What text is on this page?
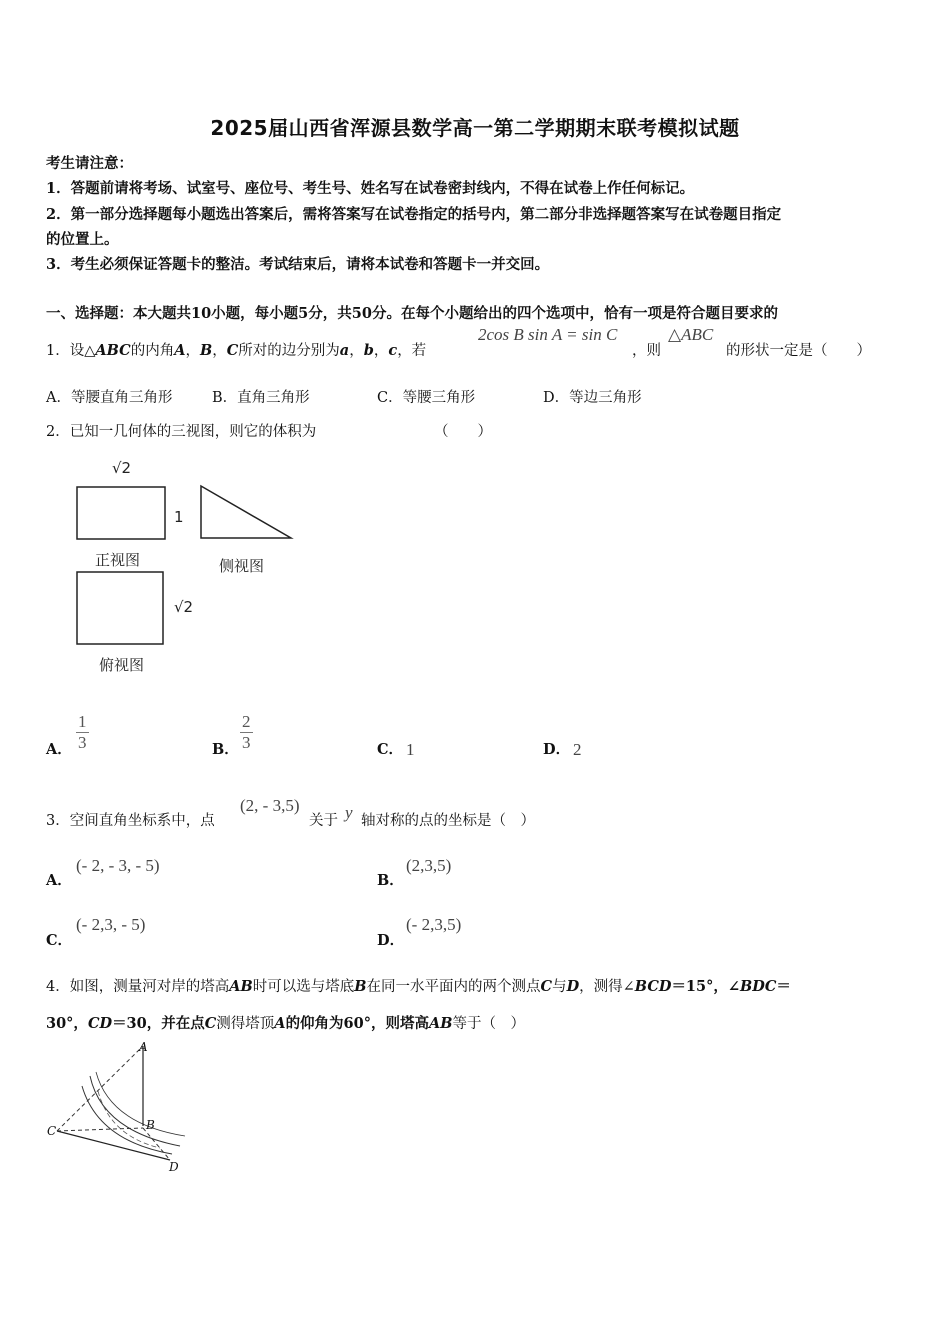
2025届山西省浑源县数学高一第二学期期末联考模拟试题
考生请注意：
1．答题前请将考场、试室号、座位号、考生号、姓名写在试卷密封线内，不得在试卷上作任何标记。
2．第一部分选择题每小题选出答案后，需将答案写在试卷指定的括号内，第二部分非选择题答案写在试卷题目指定
的位置上。
3．考生必须保证答题卡的整洁。考试结束后，请将本试卷和答题卡一并交回。
一、选择题：本大题共10小题，每小题5分，共50分。在每个小题给出的四个选项中，恰有一项是符合题目要求的
1．设△ABC的内角A，B，C所对的边分别为a，b，c，若
2cos B sin A = sin C
，则
△ABC
的形状一定是（　　）
A．等腰直角三角形	B．直角三角形	C．等腰三角形	D．等边三角形
2．已知一几何体的三视图，则它的体积为	（　　）
√2
1
正视图	侧视图
√2
俯视图
A． $\frac{1}{3}$	B． $\frac{2}{3}$	C． 1	D． 2
3．空间直角坐标系中，点
(2, - 3,5)
关于 y 轴对称的点的坐标是（　）
A．
(- 2, - 3, - 5)
B．
(2,3,5)
C．
(- 2,3, - 5)
D．
(- 2,3,5)
4．如图，测量河对岸的塔高AB时可以选与塔底B在同一水平面内的两个测点C与D，测得∠BCD＝15°，∠BDC＝
30°，CD＝30，并在点C测得塔顶A的仰角为60°，则塔高AB等于（　）
A
B
C
D
